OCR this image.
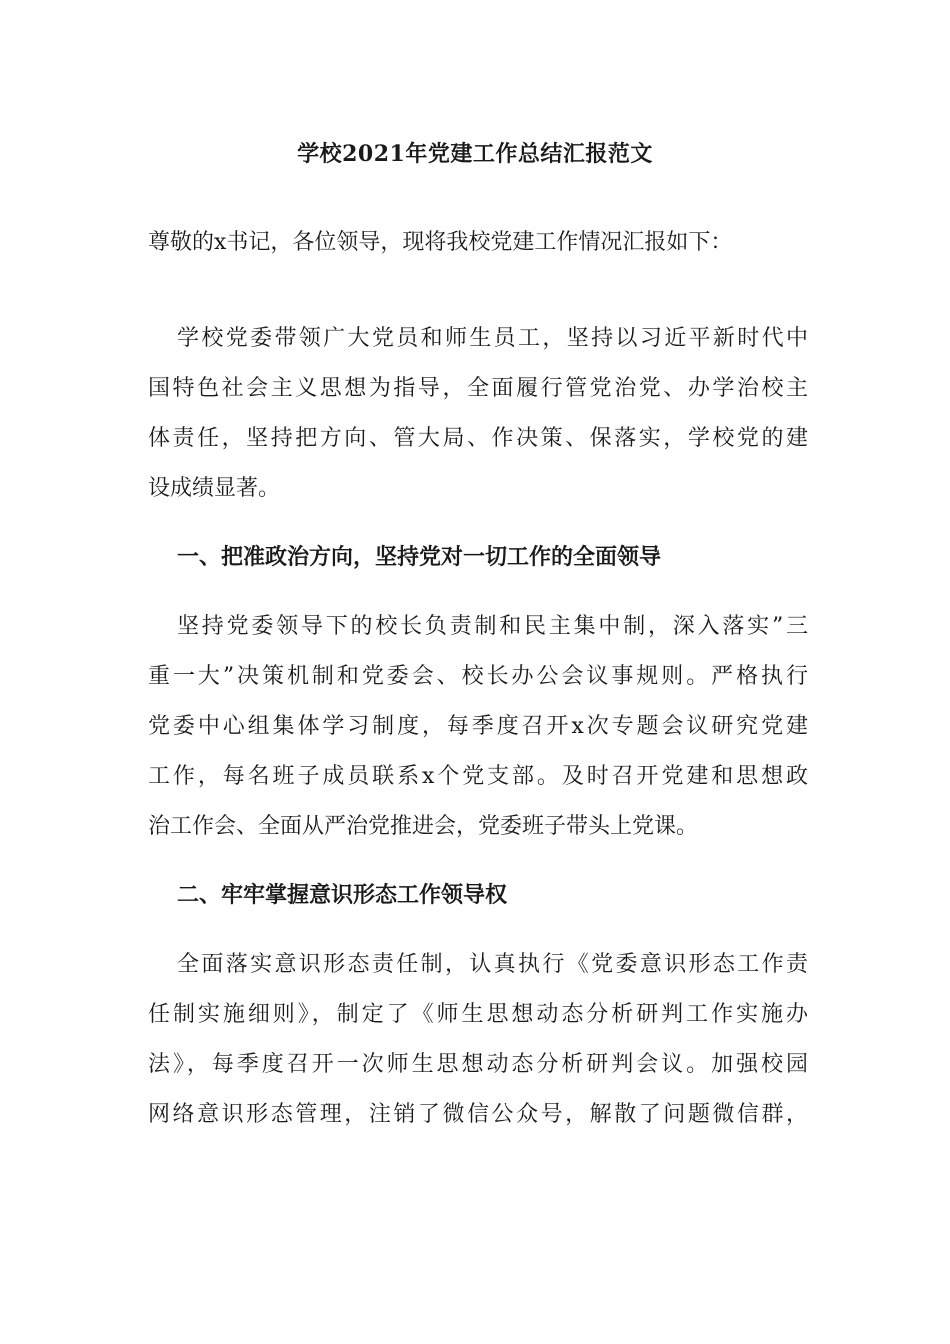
学校2021年党建工作总结汇报范文

尊敬的x书记，各位领导，现将我校党建工作情况汇报如下：

学校党委带领广大党员和师生员工，坚持以习近平新时代中

国特色社会主义思想为指导，全面履行管党治党、办学治校主

体责任，坚持把方向、管大局、作决策、保落实，学校党的建

设成绩显著。

一、把准政治方向，坚持党对一切工作的全面领导

坚持党委领导下的校长负责制和民主集中制，深入落实”三

重一大”决策机制和党委会、校长办公会议事规则。严格执行

党委中心组集体学习制度，每季度召开x次专题会议研究党建

工作，每名班子成员联系x个党支部。及时召开党建和思想政

治工作会、全面从严治党推进会，党委班子带头上党课。

二、牢牢掌握意识形态工作领导权

全面落实意识形态责任制，认真执行《党委意识形态工作责

任制实施细则》，制定了《师生思想动态分析研判工作实施办

法》，每季度召开一次师生思想动态分析研判会议。加强校园

网络意识形态管理，注销了微信公众号，解散了问题微信群，
